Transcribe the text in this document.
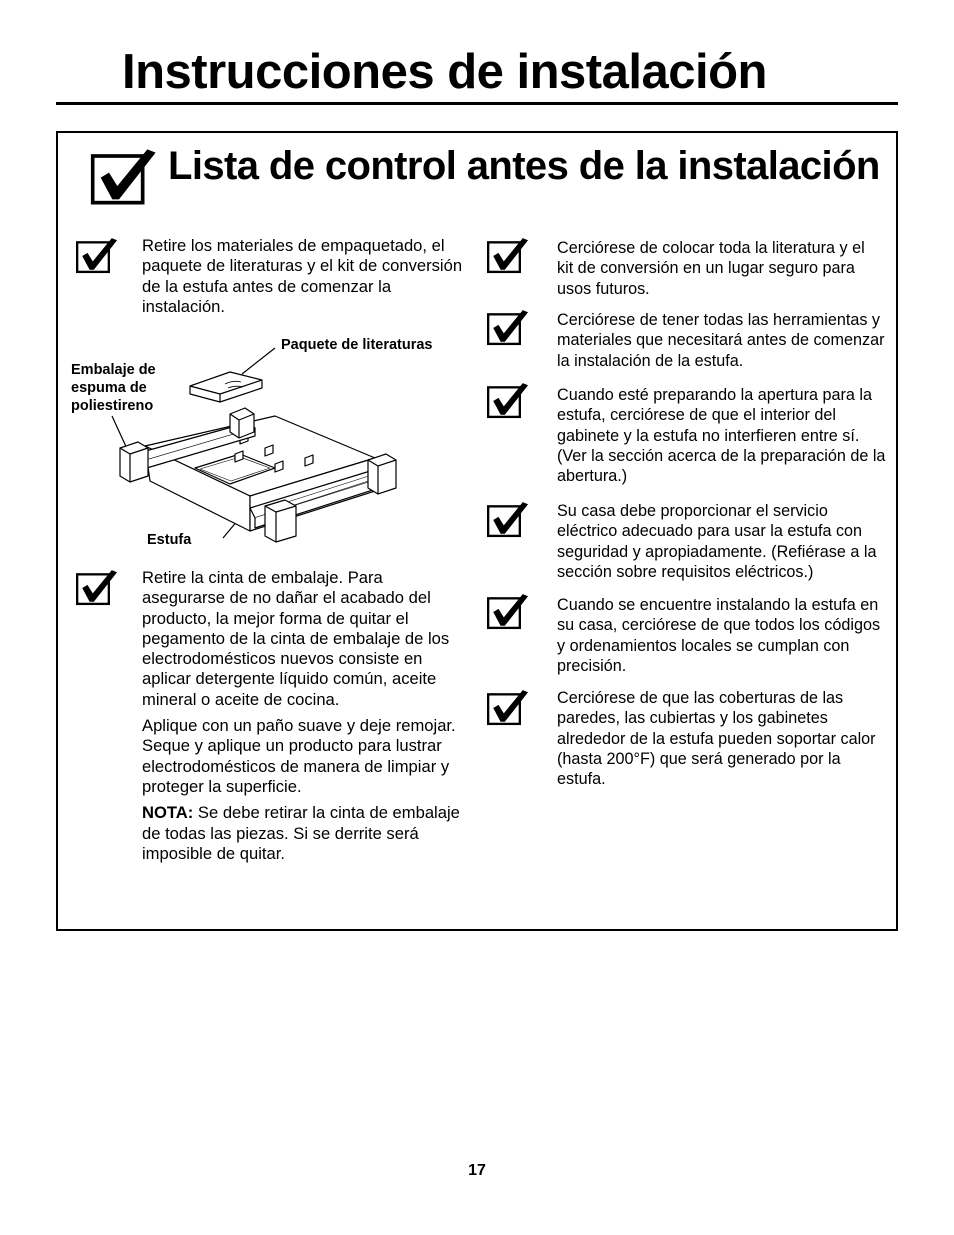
Instrucciones de instalación
Lista de control antes de la instalación
Retire los materiales de empaquetado, el paquete de literaturas y el kit de conversión de la estufa antes de comenzar la instalación.
Paquete de literaturas
Embalaje de espuma de poliestireno
Estufa

Retire la cinta de embalaje. Para asegurarse de no dañar el acabado del producto, la mejor forma de quitar el pegamento de la cinta de embalaje de los electrodomésticos nuevos consiste en aplicar detergente líquido común, aceite mineral o aceite de cocina.

Aplique con un paño suave y deje remojar. Seque y aplique un producto para lustrar electrodomésticos de manera de limpiar y proteger la superficie.

NOTA: Se debe retirar la cinta de embalaje de todas las piezas. Si se derrite será imposible de quitar.

Cerciórese de colocar toda la literatura y el kit de conversión en un lugar seguro para usos futuros.
Cerciórese de tener todas las herramientas y materiales que necesitará antes de comenzar la instalación de la estufa.
Cuando esté preparando la apertura para la estufa, cerciórese de que el interior del gabinete y la estufa no interfieren entre sí. (Ver la sección acerca de la preparación de la abertura.)
Su casa debe proporcionar el servicio eléctrico adecuado para usar la estufa con seguridad y apropiadamente. (Refiérase a la sección sobre requisitos eléctricos.)
Cuando se encuentre instalando la estufa en su casa, cerciórese de que todos los códigos y ordenamientos locales se cumplan con precisión.
Cerciórese de que las coberturas de las paredes, las cubiertas y los gabinetes alrededor de la estufa pueden soportar calor (hasta 200°F) que será generado por la estufa.
17
